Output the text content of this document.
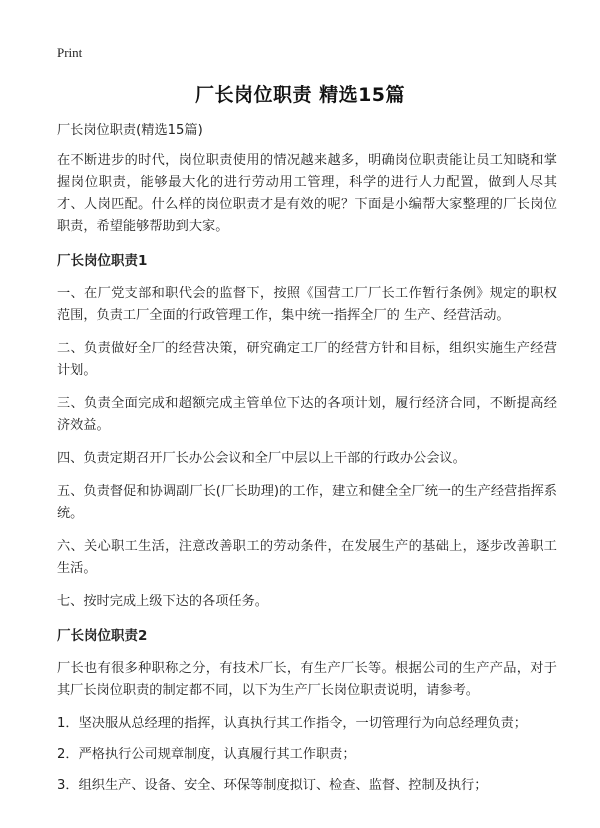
Print
厂长岗位职责 精选15篇

厂长岗位职责(精选15篇)

在不断进步的时代，岗位职责使用的情况越来越多，明确岗位职责能让员工知晓和掌握岗位职责，能够最大化的进行劳动用工管理，科学的进行人力配置，做到人尽其才、人岗匹配。什么样的岗位职责才是有效的呢？下面是小编帮大家整理的厂长岗位职责，希望能够帮助到大家。

厂长岗位职责1

一、在厂党支部和职代会的监督下，按照《国营工厂厂长工作暂行条例》规定的职权范围，负责工厂全面的行政管理工作，集中统一指挥全厂的 生产、经营活动。

二、负责做好全厂的经营决策，研究确定工厂的经营方针和目标，组织实施生产经营计划。

三、负责全面完成和超额完成主管单位下达的各项计划，履行经济合同，不断提高经济效益。

四、负责定期召开厂长办公会议和全厂中层以上干部的行政办公会议。

五、负责督促和协调副厂长(厂长助理)的工作，建立和健全全厂统一的生产经营指挥系统。

六、关心职工生活，注意改善职工的劳动条件，在发展生产的基础上，逐步改善职工生活。

七、按时完成上级下达的各项任务。

厂长岗位职责2

厂长也有很多种职称之分，有技术厂长，有生产厂长等。根据公司的生产产品，对于其厂长岗位职责的制定都不同，以下为生产厂长岗位职责说明，请参考。

1．坚决服从总经理的指挥，认真执行其工作指令，一切管理行为向总经理负责；

2．严格执行公司规章制度，认真履行其工作职责；

3．组织生产、设备、安全、环保等制度拟订、检查、监督、控制及执行；
